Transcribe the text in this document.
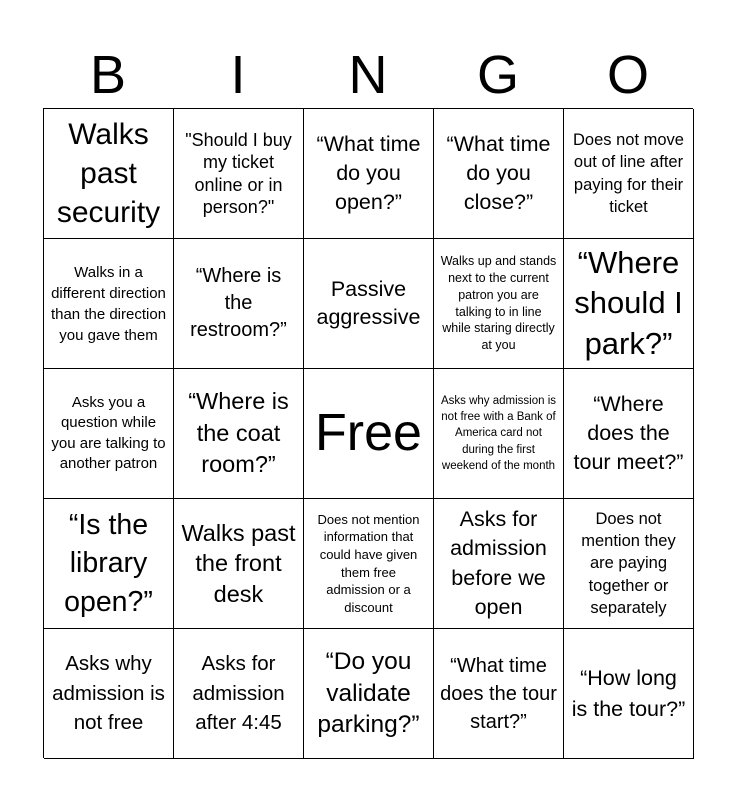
B	I	N	G	O
Walks past security
"Should I buy my ticket online or in person?"
“What time do you open?”
“What time do you close?”
Does not move out of line after paying for their ticket
Walks in a different direction than the direction you gave them
“Where is the restroom?”
Passive aggressive
Walks up and stands next to the current patron you are talking to in line while staring directly at you
“Where should I park?”
Asks you a question while you are talking to another patron
“Where is the coat room?”
Free
Asks why admission is not free with a Bank of America card not during the first weekend of the month
“Where does the tour meet?”
“Is the library open?”
Walks past the front desk
Does not mention information that could have given them free admission or a discount
Asks for admission before we open
Does not mention they are paying together or separately
Asks why admission is not free
Asks for admission after 4:45
“Do you validate parking?”
“What time does the tour start?”
“How long is the tour?”
